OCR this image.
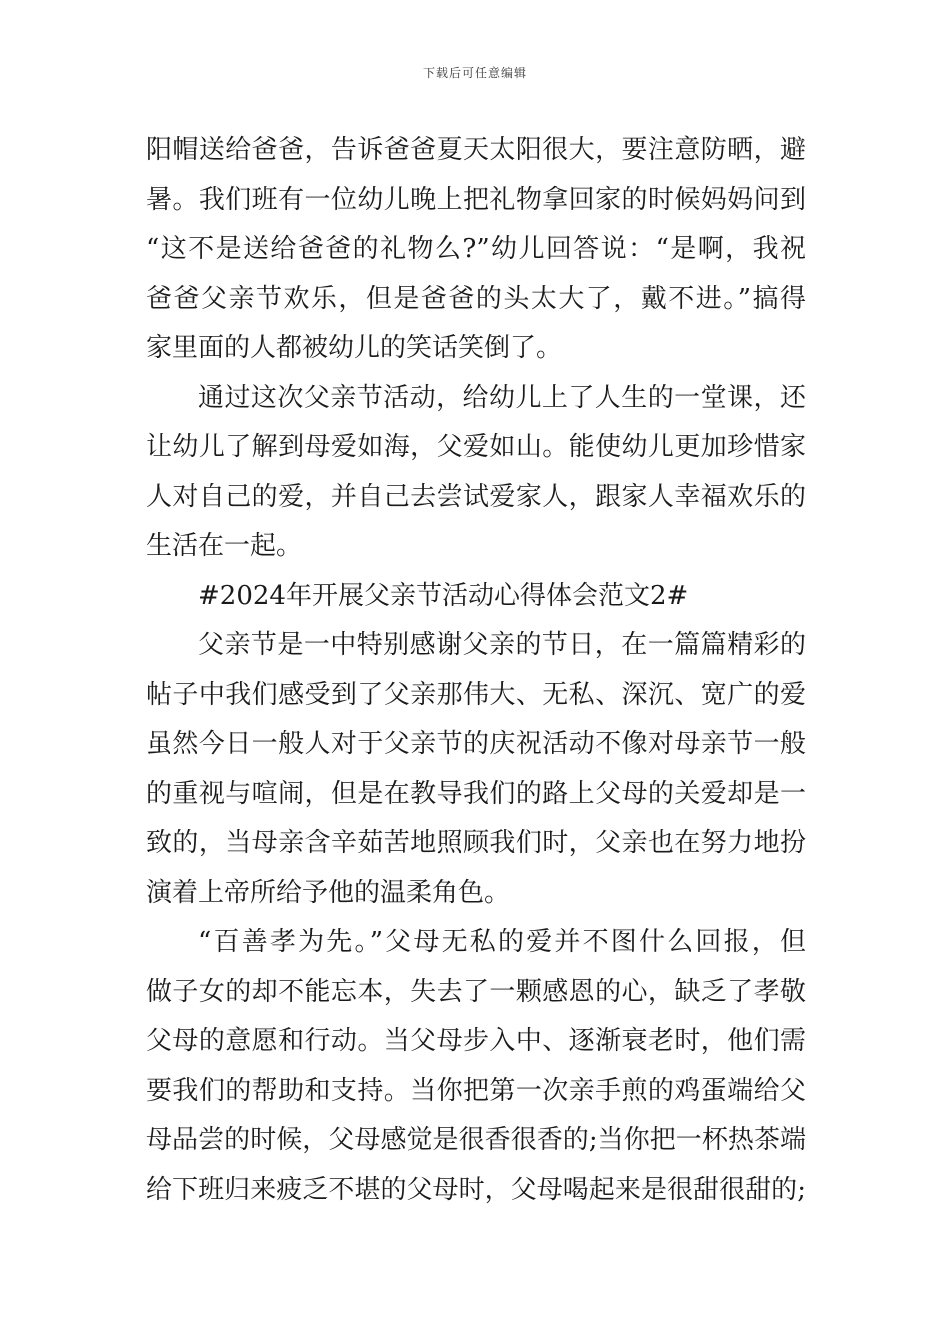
下载后可任意编辑
阳帽送给爸爸，告诉爸爸夏天太阳很大，要注意防晒，避
暑。我们班有一位幼儿晚上把礼物拿回家的时候妈妈问到
“这不是送给爸爸的礼物么?”幼儿回答说：“是啊，我祝
爸爸父亲节欢乐，但是爸爸的头太大了，戴不进。”搞得
家里面的人都被幼儿的笑话笑倒了。
通过这次父亲节活动，给幼儿上了人生的一堂课，还
让幼儿了解到母爱如海，父爱如山。能使幼儿更加珍惜家
人对自己的爱，并自己去尝试爱家人，跟家人幸福欢乐的
生活在一起。
#2024年开展父亲节活动心得体会范文2#
父亲节是一中特别感谢父亲的节日，在一篇篇精彩的
帖子中我们感受到了父亲那伟大、无私、深沉、宽广的爱
虽然今日一般人对于父亲节的庆祝活动不像对母亲节一般
的重视与喧闹，但是在教导我们的路上父母的关爱却是一
致的，当母亲含辛茹苦地照顾我们时，父亲也在努力地扮
演着上帝所给予他的温柔角色。
“百善孝为先。”父母无私的爱并不图什么回报，但
做子女的却不能忘本，失去了一颗感恩的心，缺乏了孝敬
父母的意愿和行动。当父母步入中、逐渐衰老时，他们需
要我们的帮助和支持。当你把第一次亲手煎的鸡蛋端给父
母品尝的时候，父母感觉是很香很香的;当你把一杯热茶端
给下班归来疲乏不堪的父母时，父母喝起来是很甜很甜的;
